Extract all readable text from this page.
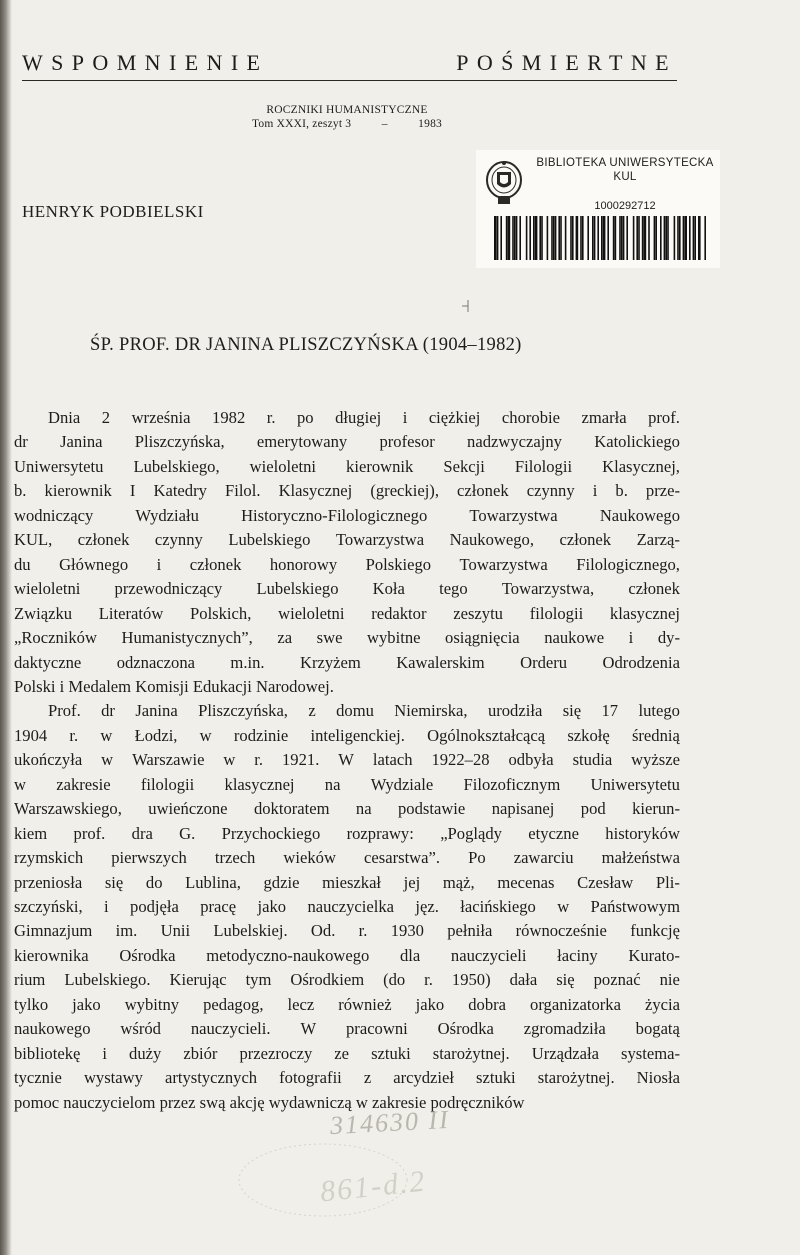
WSPOMNIENIE	POŚMIERTNE
ROCZNIKI HUMANISTYCZNE
Tom XXXI, zeszyt 3	–	1983
BIBLIOTEKA UNIWERSYTECKA
KUL
1000292712
HENRYK PODBIELSKI
ŚP. PROF. DR JANINA PLISZCZYŃSKA (1904–1982)
Dnia 2 września 1982 r. po długiej i ciężkiej chorobie zmarła prof.
dr Janina Pliszczyńska, emerytowany profesor nadzwyczajny Katolickiego
Uniwersytetu Lubelskiego, wieloletni kierownik Sekcji Filologii Klasycznej,
b. kierownik I Katedry Filol. Klasycznej (greckiej), członek czynny i b. prze-
wodniczący	Wydziału	Historyczno-Filologicznego	Towarzystwa	Naukowego
KUL, członek czynny Lubelskiego Towarzystwa Naukowego, członek Zarzą-
du Głównego i członek honorowy Polskiego Towarzystwa Filologicznego,
wieloletni przewodniczący Lubelskiego Koła tego Towarzystwa, członek
Związku Literatów Polskich, wieloletni redaktor zeszytu filologii klasycznej
„Roczników Humanistycznych”, za swe wybitne osiągnięcia naukowe i dy-
daktyczne odznaczona m.in. Krzyżem Kawalerskim Orderu Odrodzenia
Polski i Medalem Komisji Edukacji Narodowej.
Prof. dr Janina Pliszczyńska, z domu Niemirska, urodziła się 17 lutego
1904 r. w Łodzi, w rodzinie inteligenckiej. Ogólnokształcącą szkołę średnią
ukończyła w Warszawie w r. 1921. W latach 1922–28 odbyła studia wyższe
w zakresie filologii klasycznej na Wydziale Filozoficznym Uniwersytetu
Warszawskiego, uwieńczone doktoratem na podstawie napisanej pod kierun-
kiem prof. dra G. Przychockiego rozprawy: „Poglądy etyczne historyków
rzymskich pierwszych trzech wieków cesarstwa”. Po zawarciu małżeństwa
przeniosła się do Lublina, gdzie mieszkał jej mąż, mecenas Czesław Pli-
szczyński, i podjęła pracę jako nauczycielka jęz. łacińskiego w Państwowym
Gimnazjum im. Unii Lubelskiej. Od. r. 1930 pełniła równocześnie funkcję
kierownika Ośrodka metodyczno-naukowego dla nauczycieli łaciny Kurato-
rium Lubelskiego. Kierując tym Ośrodkiem (do r. 1950) dała się poznać nie
tylko jako wybitny pedagog, lecz również jako dobra organizatorka życia
naukowego wśród nauczycieli. W pracowni Ośrodka zgromadziła bogatą
bibliotekę i duży zbiór przezroczy ze sztuki starożytnej. Urządzała systema-
tycznie wystawy artystycznych fotografii z arcydzieł sztuki starożytnej. Niosła
pomoc nauczycielom przez swą akcję wydawniczą w zakresie podręczników
314630 II
861-d.2
